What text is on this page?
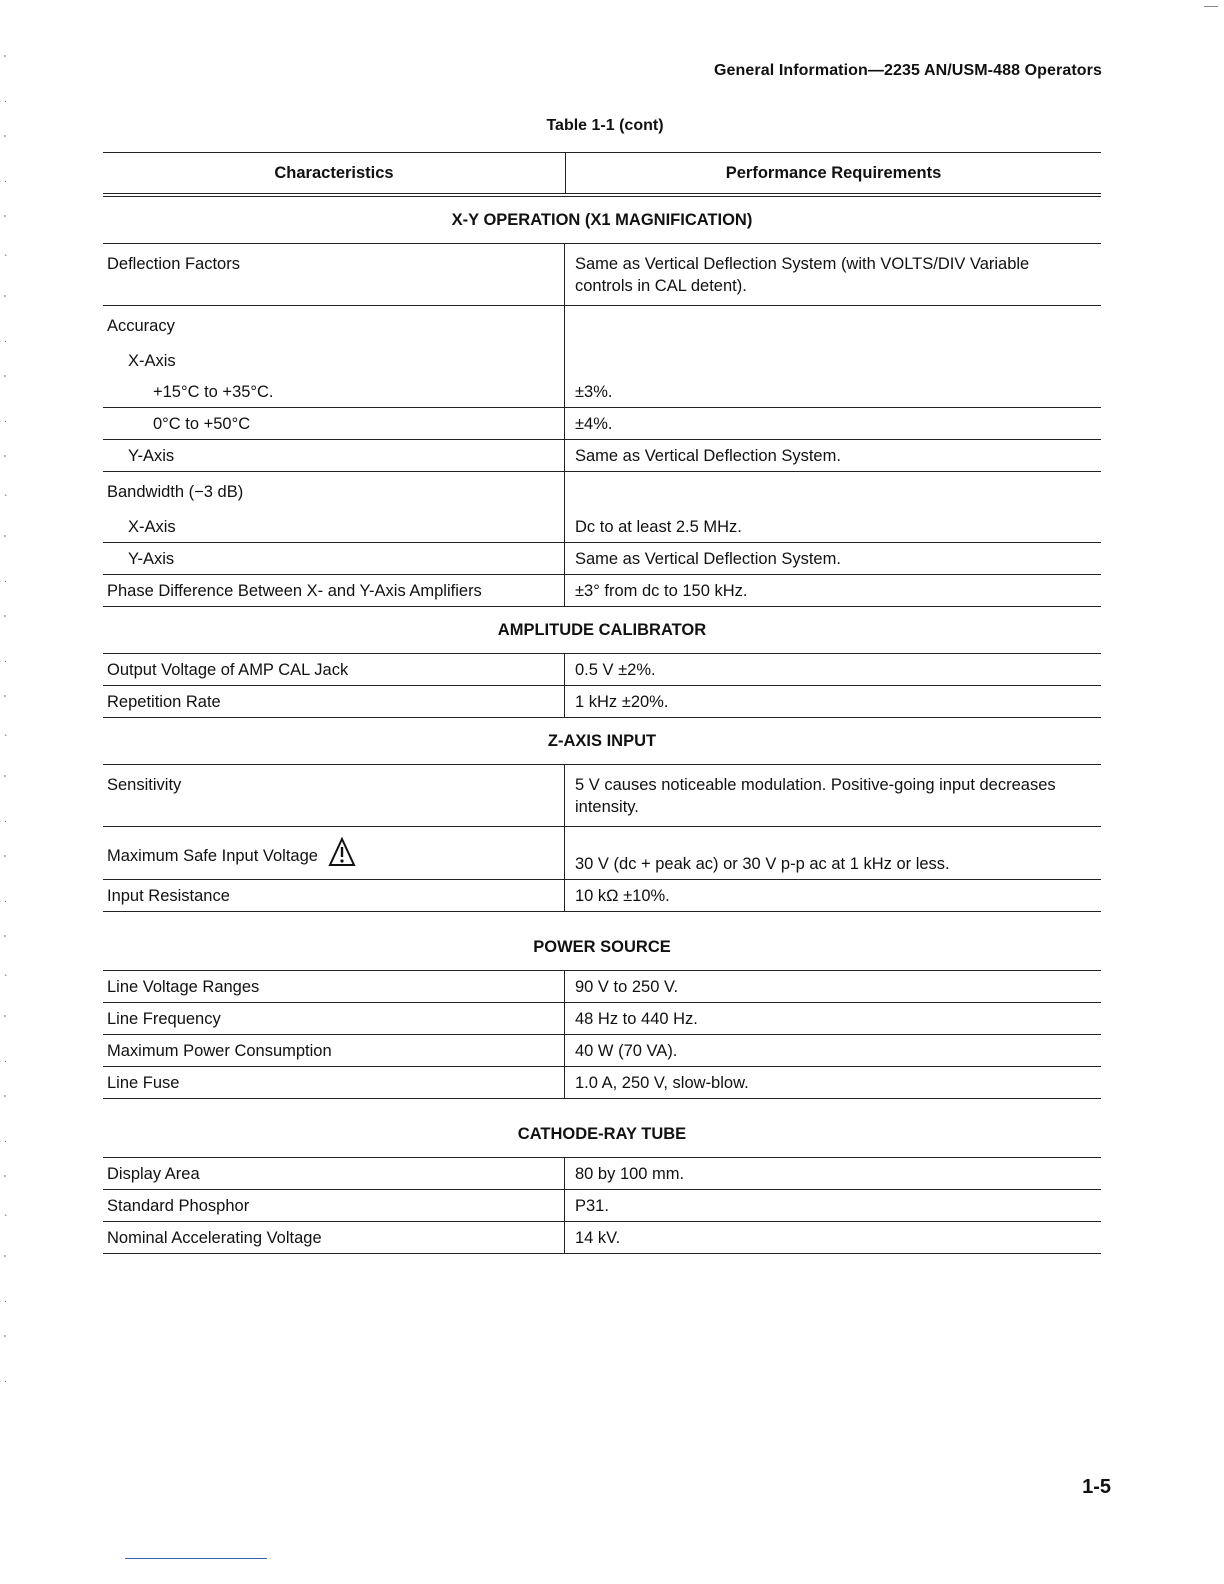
'
.
'
.
'
`
'
.
'
.
'
`
'
.
'
.
'
`
'
.
'
.
'
`
'
.
'
.
'
`
'
.
'
.
General Information—2235 AN/USM-488 Operators
Table 1-1 (cont)
Characteristics	Performance Requirements
X-Y OPERATION (X1 MAGNIFICATION)
Deflection Factors	Same as Vertical Deflection System (with VOLTS/DIV Variable
controls in CAL detent).
Accuracy
X-Axis
+15°C to +35°C.	±3%.
0°C to +50°C	±4%.
Y-Axis	Same as Vertical Deflection System.
Bandwidth (−3 dB)
X-Axis	Dc to at least 2.5 MHz.
Y-Axis	Same as Vertical Deflection System.
Phase Difference Between X- and Y-Axis Amplifiers	±3° from dc to 150 kHz.
AMPLITUDE CALIBRATOR
Output Voltage of AMP CAL Jack	0.5 V ±2%.
Repetition Rate	1 kHz ±20%.
Z-AXIS INPUT
Sensitivity	5 V causes noticeable modulation. Positive-going input decreases
intensity.
Maximum Safe Input Voltage	30 V (dc + peak ac) or 30 V p-p ac at 1 kHz or less.
Input Resistance	10 kΩ ±10%.
POWER SOURCE
Line Voltage Ranges	90 V to 250 V.
Line Frequency	48 Hz to 440 Hz.
Maximum Power Consumption	40 W (70 VA).
Line Fuse	1.0 A, 250 V, slow-blow.
CATHODE-RAY TUBE
Display Area	80 by 100 mm.
Standard Phosphor	P31.
Nominal Accelerating Voltage	14 kV.
1-5
